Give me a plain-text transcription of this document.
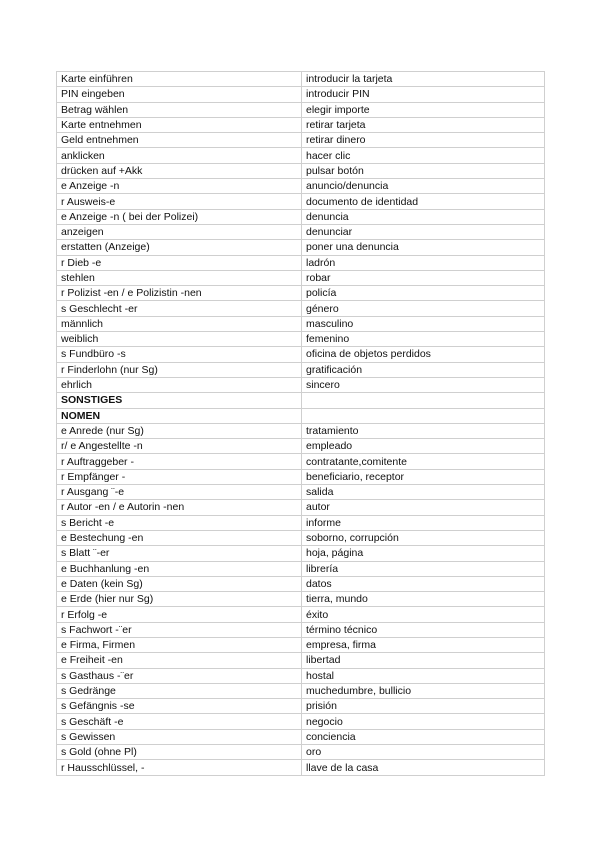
Karte einführen	introducir la tarjeta
PIN eingeben	introducir PIN
Betrag wählen	elegir importe
Karte entnehmen	retirar tarjeta
Geld entnehmen	retirar dinero
anklicken	hacer clic
drücken auf +Akk	pulsar botón
e Anzeige -n	anuncio/denuncia
r Ausweis-e	documento de identidad
e Anzeige -n ( bei der Polizei)	denuncia
anzeigen	denunciar
erstatten (Anzeige)	poner una denuncia
r Dieb -e	ladrón
stehlen	robar
r Polizist -en / e Polizistin -nen	policía
s Geschlecht -er	género
männlich	masculino
weiblich	femenino
s Fundbüro -s	oficina de objetos perdidos
r Finderlohn (nur Sg)	gratificación
ehrlich	sincero
SONSTIGES	
NOMEN	
e Anrede (nur Sg)	tratamiento
r/ e Angestellte -n	empleado
r Auftraggeber -	contratante,comitente
r Empfänger -	beneficiario, receptor
r Ausgang ¨-e	salida
r Autor -en / e Autorin -nen	autor
s Bericht -e	informe
e Bestechung -en	soborno, corrupción
s Blatt ¨-er	hoja, página
e Buchhanlung -en	librería
e Daten (kein Sg)	datos
e Erde (hier nur Sg)	tierra, mundo
r Erfolg -e	éxito
s Fachwort -¨er	término técnico
e Firma, Firmen	empresa, firma
e Freiheit -en	libertad
s Gasthaus -¨er	hostal
s Gedränge	muchedumbre, bullicio
s Gefängnis -se	prisión
s Geschäft -e	negocio
s Gewissen	conciencia
s Gold (ohne Pl)	oro
r Hausschlüssel, -	llave de la casa
